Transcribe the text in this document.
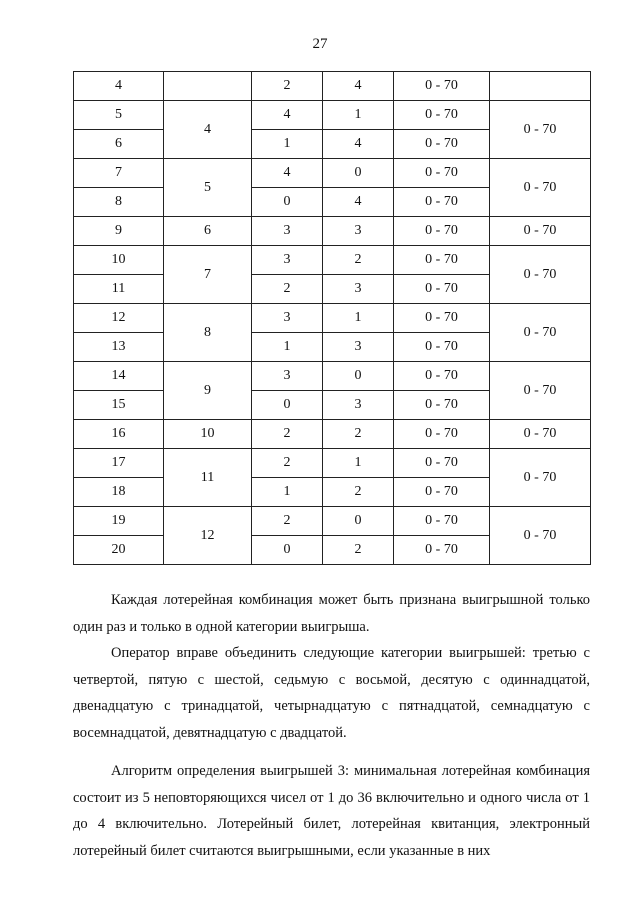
27
4		2	4	0 - 70	
5	4	4	1	0 - 70	0 - 70
6		1	4	0 - 70	
7	5	4	0	0 - 70	0 - 70
8		0	4	0 - 70	
9	6	3	3	0 - 70	0 - 70
10	7	3	2	0 - 70	0 - 70
11		2	3	0 - 70	
12	8	3	1	0 - 70	0 - 70
13		1	3	0 - 70	
14	9	3	0	0 - 70	0 - 70
15		0	3	0 - 70	
16	10	2	2	0 - 70	0 - 70
17	11	2	1	0 - 70	0 - 70
18		1	2	0 - 70	
19	12	2	0	0 - 70	0 - 70
20		0	2	0 - 70	

Каждая лотерейная комбинация может быть признана выигрышной только один раз и только в одной категории выигрыша.

Оператор вправе объединить следующие категории выигрышей: третью с четвертой, пятую с шестой, седьмую с восьмой, десятую с одиннадцатой, двенадцатую с тринадцатой, четырнадцатую с пятнадцатой, семнадцатую с восемнадцатой, девятнадцатую с двадцатой.

Алгоритм определения выигрышей 3: минимальная лотерейная комбинация состоит из 5 неповторяющихся чисел от 1 до 36 включительно и одного числа от 1 до 4 включительно. Лотерейный билет, лотерейная квитанция, электронный лотерейный билет считаются выигрышными, если указанные в них
